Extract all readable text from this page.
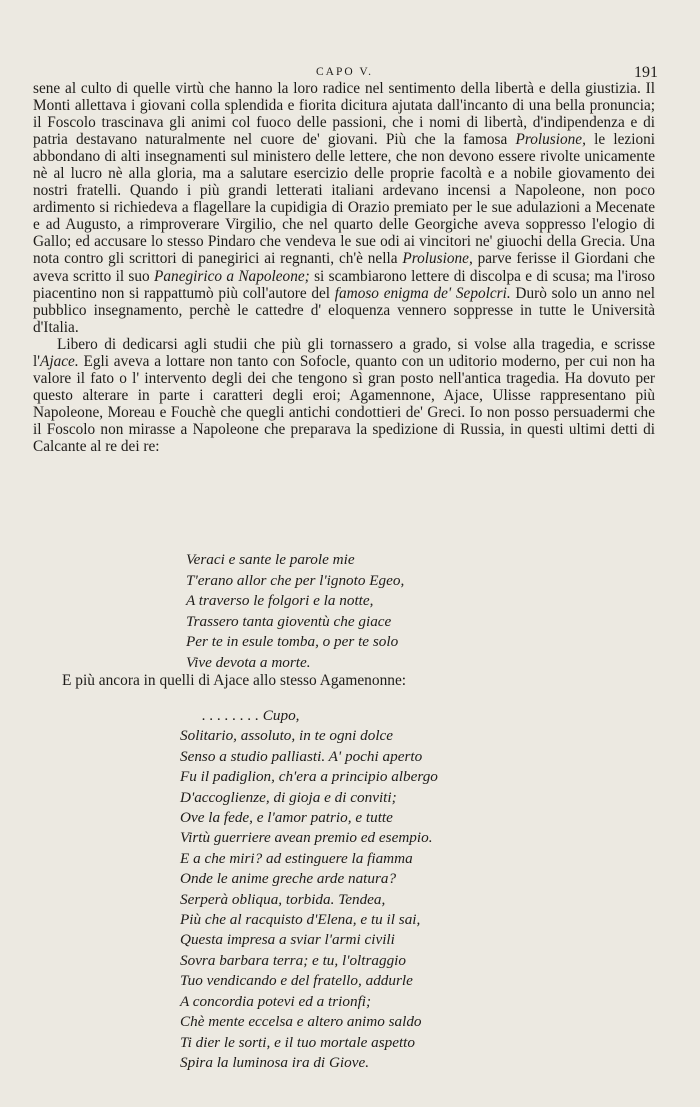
CAPO V.	191

sene al culto di quelle virtù che hanno la loro radice nel sentimento della libertà e della giustizia. Il Monti allettava i giovani colla splendida e fiorita dicitura ajutata dall'incanto di una bella pronuncia; il Foscolo trascinava gli animi col fuoco delle passioni, che i nomi di libertà, d'indipendenza e di patria destavano naturalmente nel cuore de' giovani. Più che la famosa Prolusione, le lezioni abbondano di alti insegnamenti sul ministero delle lettere, che non devono essere rivolte unicamente nè al lucro nè alla gloria, ma a salutare esercizio delle proprie facoltà e a nobile giovamento dei nostri fratelli. Quando i più grandi letterati italiani ardevano incensi a Napoleone, non poco ardimento si richiedeva a flagellare la cupidigia di Orazio premiato per le sue adulazioni a Mecenate e ad Augusto, a rimproverare Virgilio, che nel quarto delle Georgiche aveva soppresso l'elogio di Gallo; ed accusare lo stesso Pindaro che vendeva le sue odi ai vincitori ne' giuochi della Grecia. Una nota contro gli scrittori di panegirici ai regnanti, ch'è nella Prolusione, parve ferisse il Giordani che aveva scritto il suo Panegirico a Napoleone; si scambiarono lettere di discolpa e di scusa; ma l'iroso piacentino non si rappattumò più coll'autore del famoso enigma de' Sepolcri. Durò solo un anno nel pubblico insegnamento, perchè le cattedre d' eloquenza vennero soppresse in tutte le Università d'Italia.

Libero di dedicarsi agli studii che più gli tornassero a grado, si volse alla tragedia, e scrisse l'Ajace. Egli aveva a lottare non tanto con Sofocle, quanto con un uditorio moderno, per cui non ha valore il fato o l' intervento degli dei che tengono sì gran posto nell'antica tragedia. Ha dovuto per questo alterare in parte i caratteri degli eroi; Agamennone, Ajace, Ulisse rappresentano più Napoleone, Moreau e Fouchè che quegli antichi condottieri de' Greci. Io non posso persuadermi che il Foscolo non mirasse a Napoleone che preparava la spedizione di Russia, in questi ultimi detti di Calcante al re dei re:

Veraci e sante le parole mie
T'erano allor che per l'ignoto Egeo,
A traverso le folgori e la notte,
Trassero tanta gioventù che giace
Per te in esule tomba, o per te solo
Vive devota a morte.
E più ancora in quelli di Ajace allo stesso Agamenonne:
. . . . . . . . Cupo,
Solitario, assoluto, in te ogni dolce
Senso a studio palliasti. A' pochi aperto
Fu il padiglion, ch'era a principio albergo
D'accoglienze, di gioja e di conviti;
Ove la fede, e l'amor patrio, e tutte
Virtù guerriere avean premio ed esempio.
E a che miri? ad estinguere la fiamma
Onde le anime greche arde natura?
Serperà obliqua, torbida. Tendea,
Più che al racquisto d'Elena, e tu il sai,
Questa impresa a sviar l'armi civili
Sovra barbara terra; e tu, l'oltraggio
Tuo vendicando e del fratello, addurle
A concordia potevi ed a trionfi;
Chè mente eccelsa e altero animo saldo
Ti dier le sorti, e il tuo mortale aspetto
Spira la luminosa ira di Giove.
